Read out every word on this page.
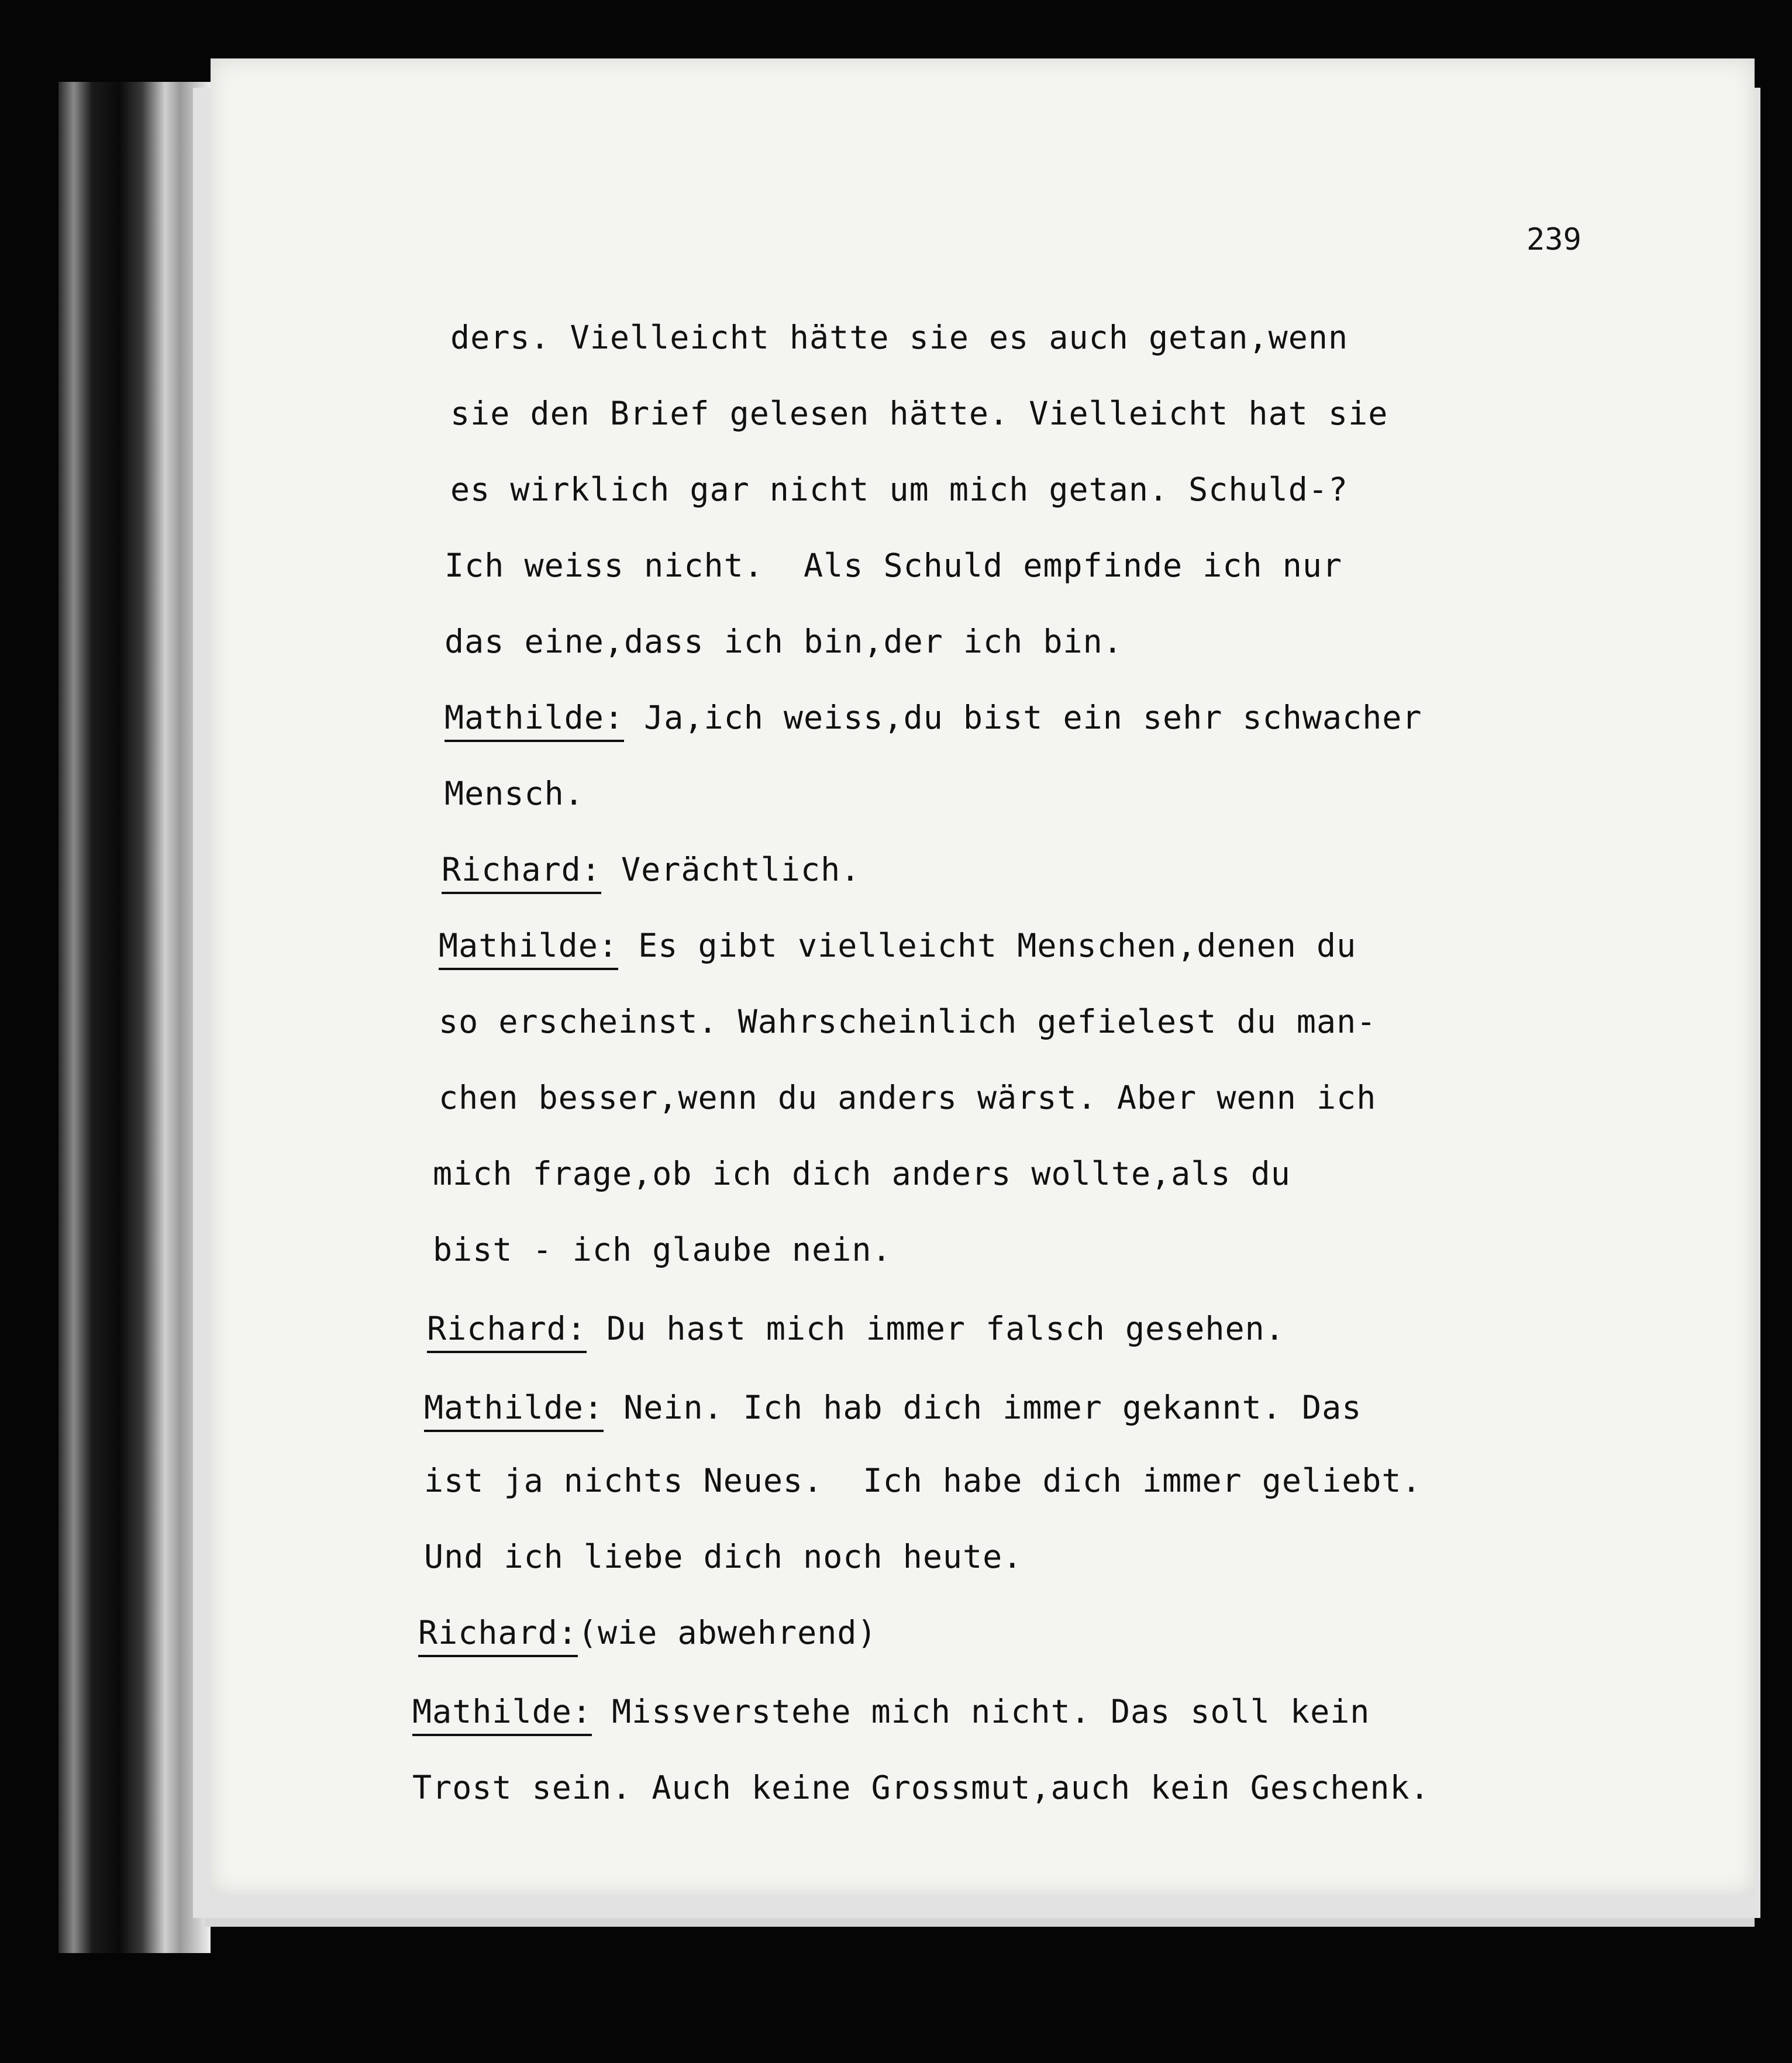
239
ders. Vielleicht hätte sie es auch getan,wenn
sie den Brief gelesen hätte. Vielleicht hat sie
es wirklich gar nicht um mich getan. Schuld-?
Ich weiss nicht.  Als Schuld empfinde ich nur
das eine,dass ich bin,der ich bin.
Mathilde: Ja,ich weiss,du bist ein sehr schwacher
Mensch.
Richard: Verächtlich.
Mathilde: Es gibt vielleicht Menschen,denen du
so erscheinst. Wahrscheinlich gefielest du man-
chen besser,wenn du anders wärst. Aber wenn ich
mich frage,ob ich dich anders wollte,als du
bist - ich glaube nein.
Richard: Du hast mich immer falsch gesehen.
Mathilde: Nein. Ich hab dich immer gekannt. Das
ist ja nichts Neues.  Ich habe dich immer geliebt.
Und ich liebe dich noch heute.
Richard:(wie abwehrend)
Mathilde: Missverstehe mich nicht. Das soll kein
Trost sein. Auch keine Grossmut,auch kein Geschenk.
